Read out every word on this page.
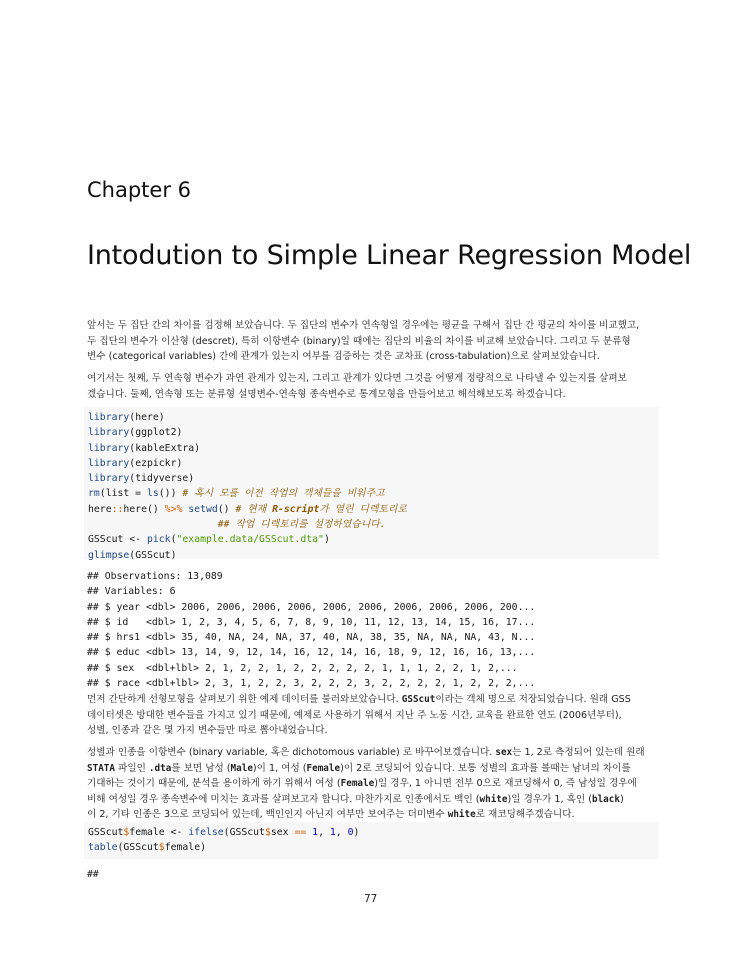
Chapter 6
Intodution to Simple Linear Regression Model
앞서는 두 집단 간의 차이를 검정해 보았습니다. 두 집단의 변수가 연속형일 경우에는 평균을 구해서 집단 간 평균의 차이를 비교했고,
두 집단의 변수가 이산형 (descret), 특히 이항변수 (binary)일 때에는 집단의 비율의 차이를 비교해 보았습니다. 그리고 두 분류형
변수 (categorical variables) 간에 관계가 있는지 여부를 검증하는 것은 교차표 (cross-tabulation)으로 살펴보았습니다.
여기서는 첫째, 두 연속형 변수가 과연 관계가 있는지, 그리고 관계가 있다면 그것을 어떻게 정량적으로 나타낼 수 있는지를 살펴보
겠습니다. 둘째, 연속형 또는 분류형 설명변수-연속형 종속변수로 통계모형을 만들어보고 해석해보도록 하겠습니다.
library(here)
library(ggplot2)
library(kableExtra)
library(ezpickr)
library(tidyverse)
rm(list = ls()) # 혹시 모를 이전 작업의 객체들을 비워주고
here::here() %>% setwd() # 현재 R-script가 열린 디렉토리로
## 작업 디렉토리를 설정하였습니다.
GSScut <- pick("example.data/GSScut.dta")
glimpse(GSScut)
## Observations: 13,089
## Variables: 6
## $ year <dbl> 2006, 2006, 2006, 2006, 2006, 2006, 2006, 2006, 2006, 200...
## $ id   <dbl> 1, 2, 3, 4, 5, 6, 7, 8, 9, 10, 11, 12, 13, 14, 15, 16, 17...
## $ hrs1 <dbl> 35, 40, NA, 24, NA, 37, 40, NA, 38, 35, NA, NA, NA, 43, N...
## $ educ <dbl> 13, 14, 9, 12, 14, 16, 12, 14, 16, 18, 9, 12, 16, 16, 13,...
## $ sex  <dbl+lbl> 2, 1, 2, 2, 1, 2, 2, 2, 2, 2, 1, 1, 1, 2, 2, 1, 2,...
## $ race <dbl+lbl> 2, 3, 1, 2, 2, 3, 2, 2, 2, 3, 2, 2, 2, 2, 1, 2, 2, 2,...
먼저 간단하게 선형모형을 살펴보기 위한 예제 데이터를 불러와보았습니다. GSScut이라는 객체 명으로 저장되었습니다. 원래 GSS
데이터셋은 방대한 변수들을 가지고 있기 때문에, 예제로 사용하기 위해서 지난 주 노동 시간, 교육을 완료한 연도 (2006년부터),
성별, 인종과 같은 몇 가지 변수들만 따로 뽑아내었습니다.
성별과 인종을 이항변수 (binary variable, 혹은 dichotomous variable) 로 바꾸어보겠습니다. sex는 1, 2로 측정되어 있는데 원래
STATA 파일인 .dta를 보면 남성 (Male)이 1, 여성 (Female)이 2로 코딩되어 있습니다. 보통 성별의 효과를 볼때는 남녀의 차이를
기대하는 것이기 때문에, 분석을 용이하게 하기 위해서 여성 (Female)일 경우, 1 아니면 전부 0으로 재코딩해서 0, 즉 남성일 경우에
비해 여성일 경우 종속변수에 미치는 효과를 살펴보고자 합니다. 마찬가지로 인종에서도 백인 (white)일 경우가 1, 흑인 (black)
이 2, 기타 인종은 3으로 코딩되어 있는데, 백인인지 아닌지 여부만 보여주는 더미변수 white로 재코딩해주겠습니다.
GSScut$female <- ifelse(GSScut$sex == 1, 1, 0)
table(GSScut$female)
##
77
